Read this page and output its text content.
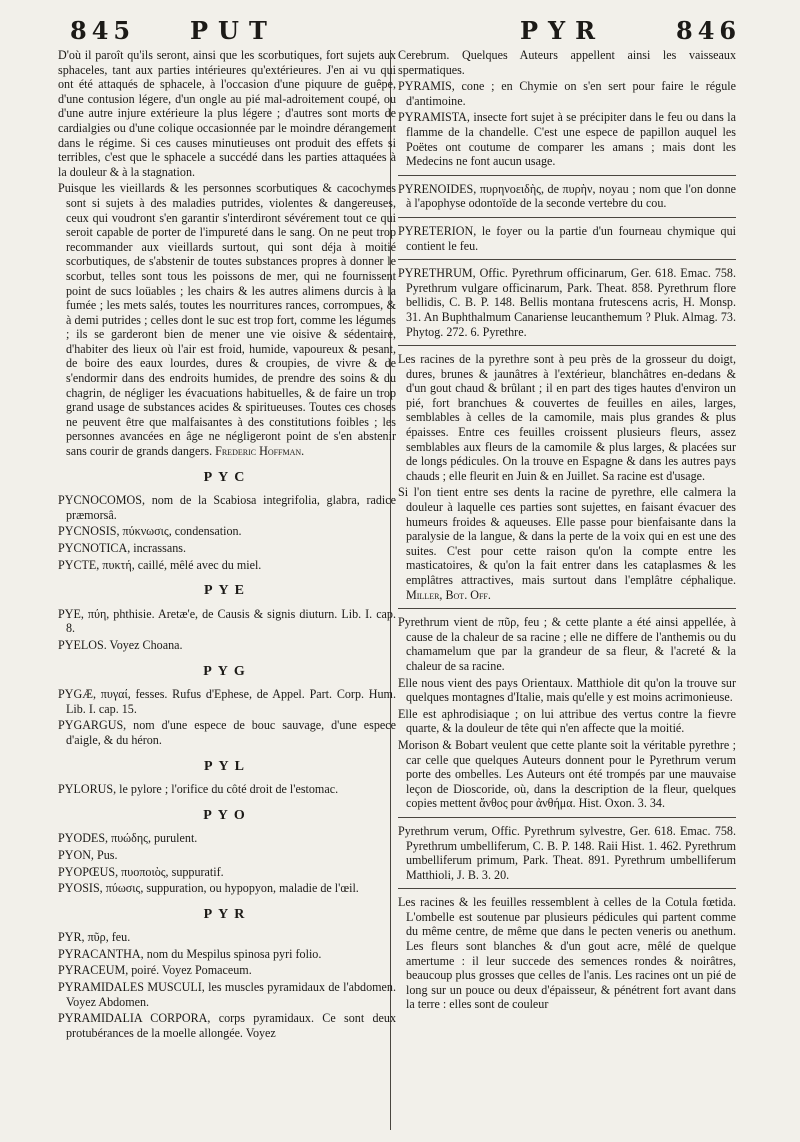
845 PUT	PYR	846

D'où il paroît qu'ils seront, ainsi que les scorbutiques, fort sujets aux sphaceles, tant aux parties intérieures qu'extérieures. J'en ai vu qui ont été attaqués de sphacele, à l'occasion d'une piquure de guêpe, d'une contusion légere, d'un ongle au pié mal-adroitement coupé, ou d'une autre injure extérieure la plus légere ; d'autres sont morts de cardialgies ou d'une colique occasionnée par le moindre dérangement dans le régime. Si ces causes minutieuses ont produit des effets si terribles, c'est que le sphacele a succédé dans les parties attaquées à la douleur & à la stagnation.

Puisque les vieillards & les personnes scorbutiques & cacochymes sont si sujets à des maladies putrides, violentes & dangereuses, ceux qui voudront s'en garantir s'interdiront sévérement tout ce qui seroit capable de porter de l'impureté dans le sang. On ne peut trop recommander aux vieillards surtout, qui sont déja à moitié scorbutiques, de s'abstenir de toutes substances propres à donner le scorbut, telles sont tous les poissons de mer, qui ne fournissent point de sucs loüables ; les chairs & les autres alimens durcis à la fumée ; les mets salés, toutes les nourritures rances, corrompues, & à demi putrides ; celles dont le suc est trop fort, comme les légumes ; ils se garderont bien de mener une vie oisive & sédentaire, d'habiter des lieux où l'air est froid, humide, vapoureux & pesant, de boire des eaux lourdes, dures & croupies, de vivre & de s'endormir dans des endroits humides, de prendre des soins & du chagrin, de négliger les évacuations habituelles, & de faire un trop grand usage de substances acides & spiritueuses. Toutes ces choses ne peuvent être que malfaisantes à des constitutions foibles ; les personnes avancées en âge ne négligeront point de s'en abstenir sans courir de grands dangers. Frederic Hoffman.

PYC

PYCNOCOMOS, nom de la Scabiosa integrifolia, glabra, radice præmorsâ.

PYCNOSIS, πύκνωσις, condensation.

PYCNOTICA, incrassans.

PYCTE, πυκτή, caillé, mêlé avec du miel.

PYE

PYE, πύη, phthisie. Aretæ'e, de Causis & signis diuturn. Lib. I. cap. 8.

PYELOS. Voyez Choana.

PYG

PYGÆ, πυγαί, fesses. Rufus d'Ephese, de Appel. Part. Corp. Hum. Lib. I. cap. 15.

PYGARGUS, nom d'une espece de bouc sauvage, d'une espece d'aigle, & du héron.

PYL

PYLORUS, le pylore ; l'orifice du côté droit de l'estomac.

PYO

PYODES, πυώδης, purulent.

PYON, Pus.

PYOPŒUS, πυοποιὸς, suppuratif.

PYOSIS, πύωσις, suppuration, ou hypopyon, maladie de l'œil.

PYR

PYR, πῦρ, feu.

PYRACANTHA, nom du Mespilus spinosa pyri folio.

PYRACEUM, poiré. Voyez Pomaceum.

PYRAMIDALES MUSCULI, les muscles pyramidaux de l'abdomen. Voyez Abdomen.

PYRAMIDALIA CORPORA, corps pyramidaux. Ce sont deux protubérances de la moelle allongée. Voyez

Cerebrum. Quelques Auteurs appellent ainsi les vaisseaux spermatiques.

PYRAMIS, cone ; en Chymie on s'en sert pour faire le régule d'antimoine.

PYRAMISTA, insecte fort sujet à se précipiter dans le feu ou dans la flamme de la chandelle. C'est une espece de papillon auquel les Poëtes ont coutume de comparer les amans ; mais dont les Medecins ne font aucun usage.

PYRENOIDES, πυρηνοειδὴς, de πυρὴν, noyau ; nom que l'on donne à l'apophyse odontoïde de la seconde vertebre du cou.

PYRETERION, le foyer ou la partie d'un fourneau chymique qui contient le feu.

PYRETHRUM, Offic. Pyrethrum officinarum, Ger. 618. Emac. 758. Pyrethrum vulgare officinarum, Park. Theat. 858. Pyrethrum flore bellidis, C. B. P. 148. Bellis montana frutescens acris, H. Monsp. 31. An Buphthalmum Canariense leucanthemum ? Pluk. Almag. 73. Phytog. 272. 6. Pyrethre.

Les racines de la pyrethre sont à peu près de la grosseur du doigt, dures, brunes & jaunâtres à l'extérieur, blanchâtres en-dedans & d'un gout chaud & brûlant ; il en part des tiges hautes d'environ un pié, fort branchues & couvertes de feuilles en ailes, larges, semblables à celles de la camomile, mais plus grandes & plus épaisses. Entre ces feuilles croissent plusieurs fleurs, assez semblables aux fleurs de la camomile & plus larges, & placées sur de longs pédicules. On la trouve en Espagne & dans les autres pays chauds ; elle fleurit en Juin & en Juillet. Sa racine est d'usage.

Si l'on tient entre ses dents la racine de pyrethre, elle calmera la douleur à laquelle ces parties sont sujettes, en faisant évacuer des humeurs froides & aqueuses. Elle passe pour bienfaisante dans la paralysie de la langue, & dans la perte de la voix qui en est une des suites. C'est pour cette raison qu'on la compte entre les masticatoires, & qu'on la fait entrer dans les cataplasmes & les emplâtres attractives, mais surtout dans l'emplâtre céphalique. Miller, Bot. Off.

Pyrethrum vient de πῦρ, feu ; & cette plante a été ainsi appellée, à cause de la chaleur de sa racine ; elle ne differe de l'anthemis ou du chamamelum que par la grandeur de sa fleur, & l'acreté & la chaleur de sa racine.

Elle nous vient des pays Orientaux. Matthiole dit qu'on la trouve sur quelques montagnes d'Italie, mais qu'elle y est moins acrimonieuse.

Elle est aphrodisiaque ; on lui attribue des vertus contre la fievre quarte, & la douleur de tête qui n'en affecte que la moitié.

Morison & Bobart veulent que cette plante soit la véritable pyrethre ; car celle que quelques Auteurs donnent pour le Pyrethrum verum porte des ombelles. Les Auteurs ont été trompés par une mauvaise leçon de Dioscoride, où, dans la description de la fleur, quelques copies mettent ἄνθος pour ἀνθήμα. Hist. Oxon. 3. 34.

Pyrethrum verum, Offic. Pyrethrum sylvestre, Ger. 618. Emac. 758. Pyrethrum umbelliferum, C. B. P. 148. Raii Hist. 1. 462. Pyrethrum umbelliferum primum, Park. Theat. 891. Pyrethrum umbelliferum Matthioli, J. B. 3. 20.

Les racines & les feuilles ressemblent à celles de la Cotula fœtida. L'ombelle est soutenue par plusieurs pédicules qui partent comme du même centre, de même que dans le pecten veneris ou anethum. Les fleurs sont blanches & d'un gout acre, mêlé de quelque amertume : il leur succede des semences rondes & noirâtres, beaucoup plus grosses que celles de l'anis. Les racines ont un pié de long sur un pouce ou deux d'épaisseur, & pénétrent fort avant dans la terre : elles sont de couleur
